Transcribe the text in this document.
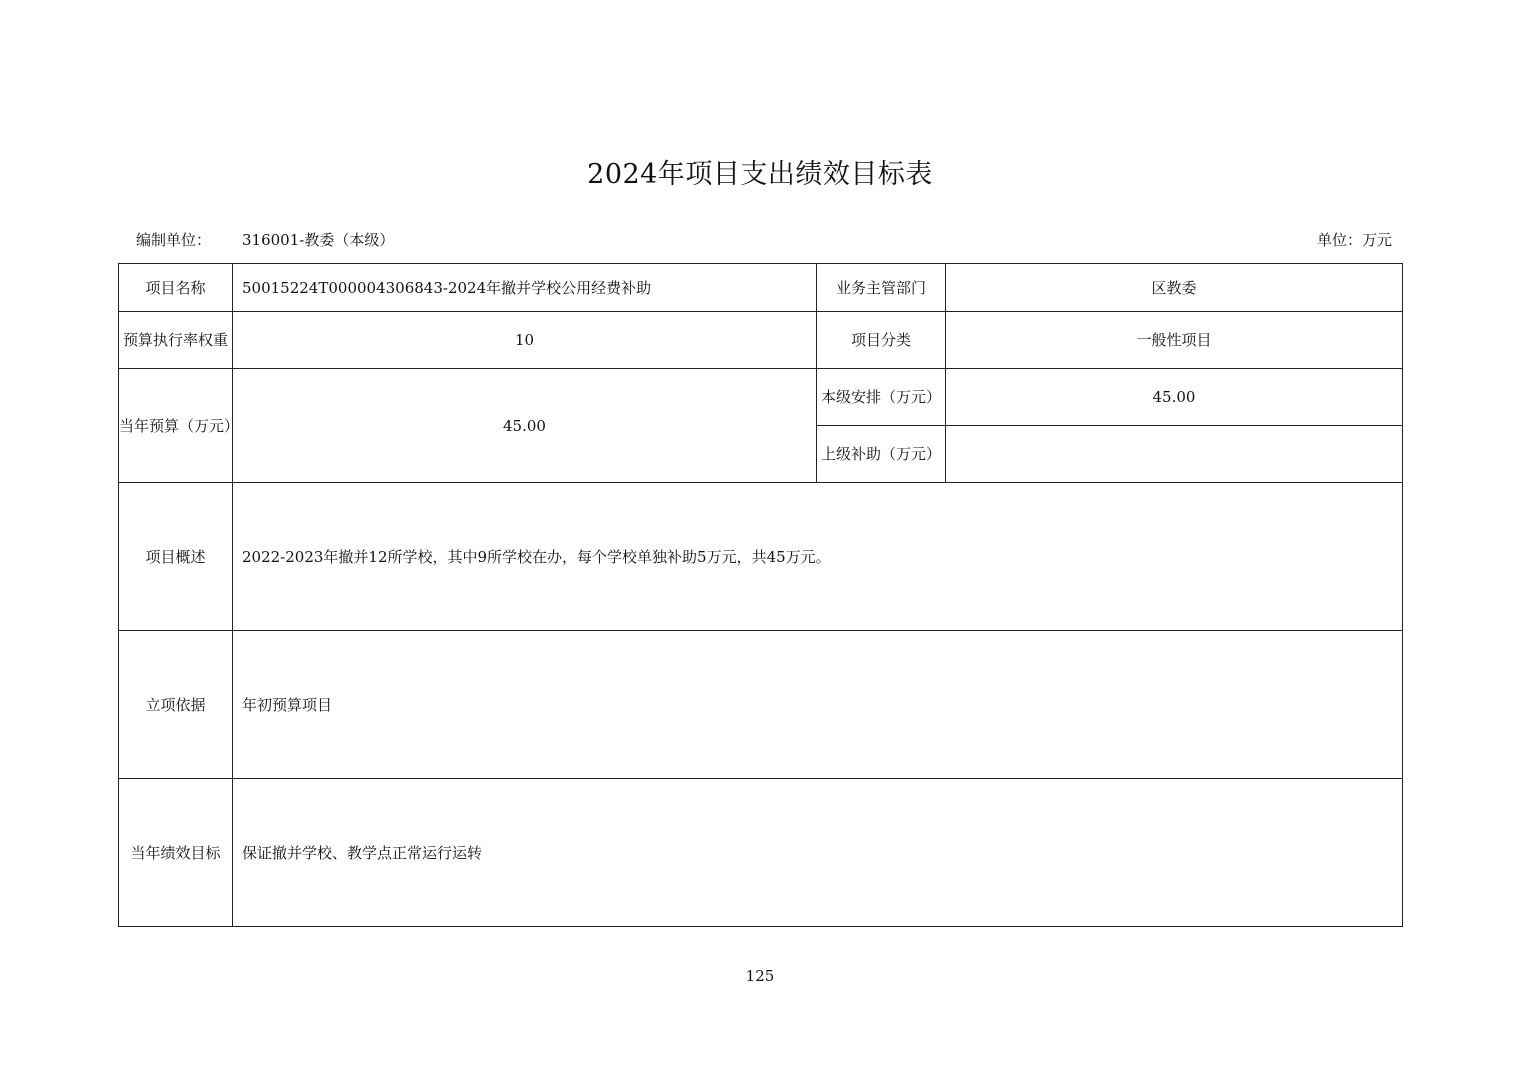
2024年项目支出绩效目标表
编制单位： 316001-教委（本级）	单位：万元
项目名称	50015224T000004306843-2024年撤并学校公用经费补助	业务主管部门	区教委
预算执行率权重	10	项目分类	一般性项目
当年预算（万元）	45.00	本级安排（万元）	45.00
		上级补助（万元）	
项目概述	2022-2023年撤并12所学校，其中9所学校在办，每个学校单独补助5万元，共45万元。		
立项依据	年初预算项目		
当年绩效目标	保证撤并学校、教学点正常运行运转		
125
